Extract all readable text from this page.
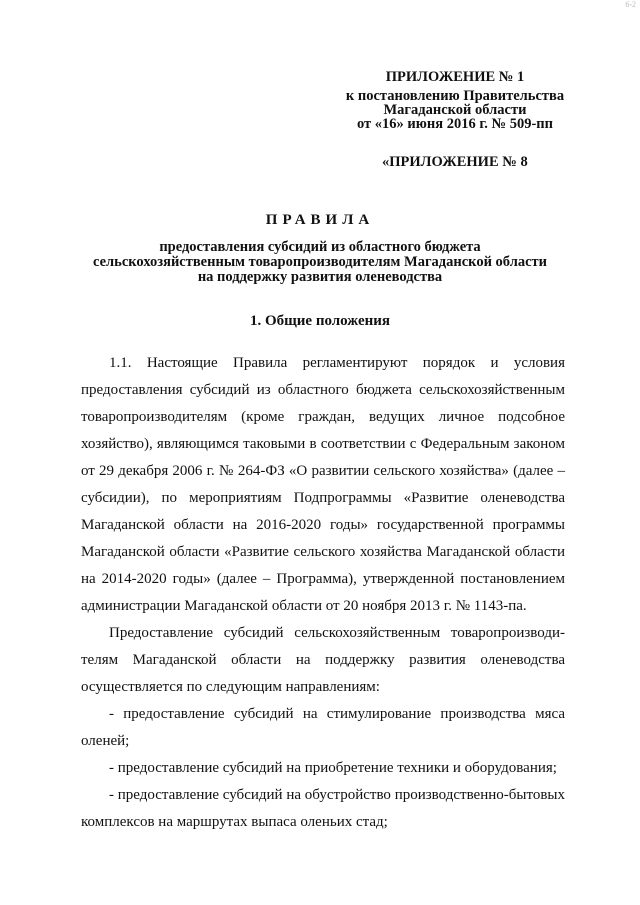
6-2
ПРИЛОЖЕНИЕ № 1
к постановлению Правительства
Магаданской области
от «16» июня 2016 г. № 509-пп
«ПРИЛОЖЕНИЕ № 8
ПРАВИЛА
предоставления субсидий из областного бюджета
сельскохозяйственным товаропроизводителям Магаданской области
на поддержку развития оленеводства
1. Общие положения

1.1. Настоящие Правила регламентируют порядок и условия предоставления субсидий из областного бюджета сельскохозяйственным товаропроизводителям (кроме граждан, ведущих личное подсобное хозяйство), являющимся таковыми в соответствии с Федеральным законом от 29 декабря 2006 г. № 264-ФЗ «О развитии сельского хозяйства» (далее – субсидии), по мероприятиям Подпрограммы «Развитие оленеводства Магаданской области на 2016-2020 годы» государственной программы Магаданской области «Развитие сельского хозяйства Магаданской области на 2014-2020 годы» (далее – Программа), утвержденной постановлением администрации Магаданской области от 20 ноября 2013 г. № 1143-па.

Предоставление субсидий сельскохозяйственным товаропроизводи-телям Магаданской области на поддержку развития оленеводства осуществляется по следующим направлениям:

- предоставление субсидий на стимулирование производства мяса оленей;

- предоставление субсидий на приобретение техники и оборудования;

- предоставление субсидий на обустройство производственно-бытовых комплексов на маршрутах выпаса оленьих стад;
